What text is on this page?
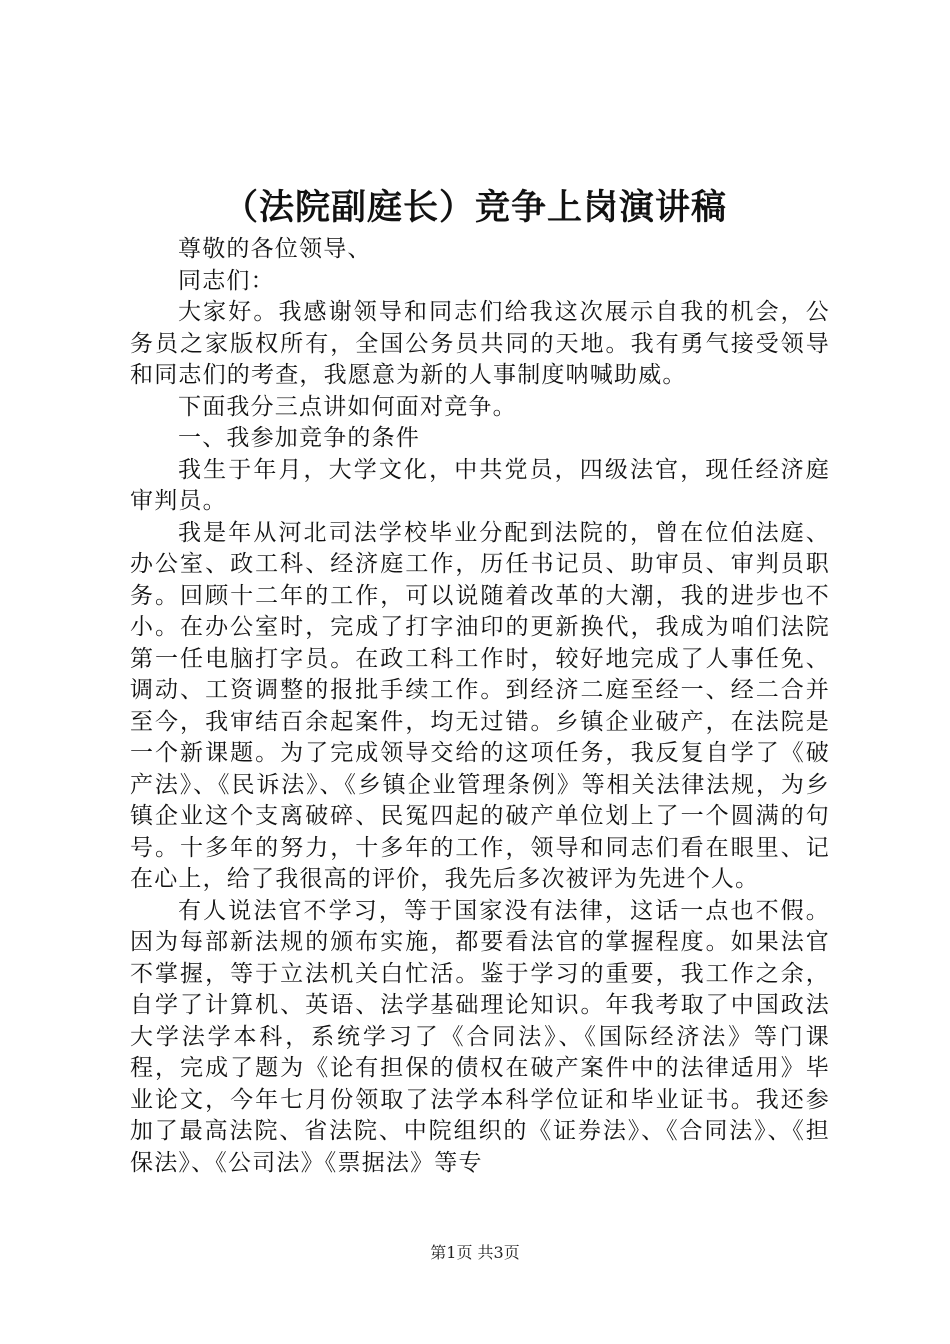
（法院副庭长）竞争上岗演讲稿

尊敬的各位领导、

同志们：

大家好。我感谢领导和同志们给我这次展示自我的机会，公务员之家版权所有，全国公务员共同的天地。我有勇气接受领导和同志们的考查，我愿意为新的人事制度呐喊助威。

下面我分三点讲如何面对竞争。

一、我参加竞争的条件

我生于年月，大学文化，中共党员，四级法官，现任经济庭审判员。

我是年从河北司法学校毕业分配到法院的，曾在位伯法庭、办公室、政工科、经济庭工作，历任书记员、助审员、审判员职务。回顾十二年的工作，可以说随着改革的大潮，我的进步也不小。在办公室时，完成了打字油印的更新换代，我成为咱们法院第一任电脑打字员。在政工科工作时，较好地完成了人事任免、调动、工资调整的报批手续工作。到经济二庭至经一、经二合并至今，我审结百余起案件，均无过错。乡镇企业破产，在法院是一个新课题。为了完成领导交给的这项任务，我反复自学了《破产法》、《民诉法》、《乡镇企业管理条例》等相关法律法规，为乡镇企业这个支离破碎、民冤四起的破产单位划上了一个圆满的句号。十多年的努力，十多年的工作，领导和同志们看在眼里、记在心上，给了我很高的评价，我先后多次被评为先进个人。

有人说法官不学习，等于国家没有法律，这话一点也不假。因为每部新法规的颁布实施，都要看法官的掌握程度。如果法官不掌握，等于立法机关白忙活。鉴于学习的重要，我工作之余，自学了计算机、英语、法学基础理论知识。年我考取了中国政法大学法学本科，系统学习了《合同法》、《国际经济法》等门课程，完成了题为《论有担保的债权在破产案件中的法律适用》毕业论文，今年七月份领取了法学本科学位证和毕业证书。我还参加了最高法院、省法院、中院组织的《证券法》、《合同法》、《担保法》、《公司法》《票据法》等专

第1页 共3页
